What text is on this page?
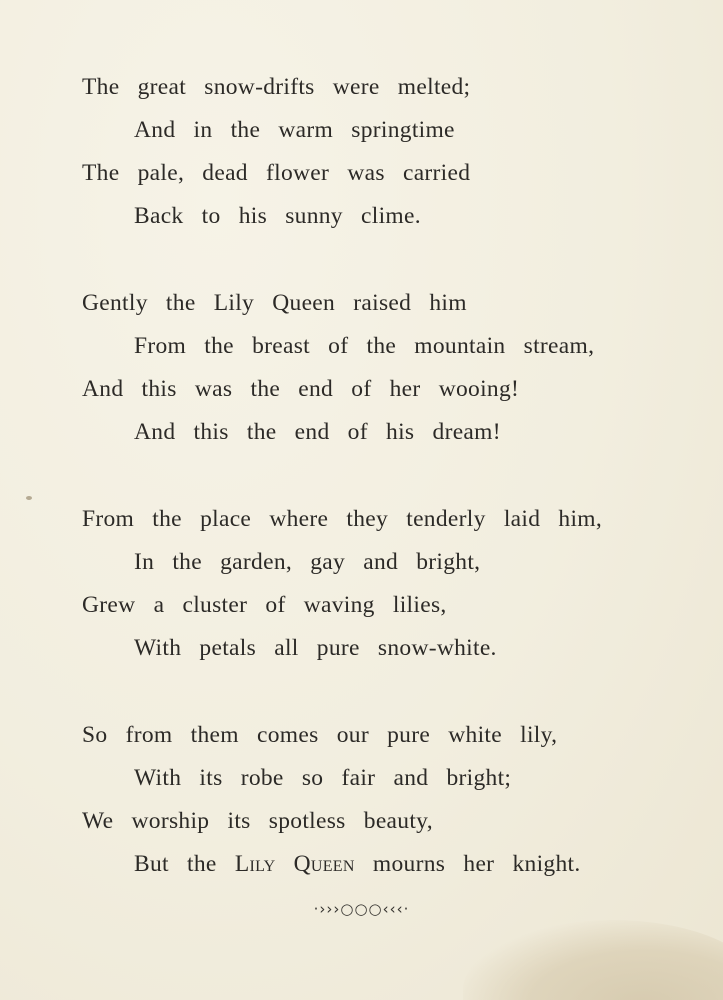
The great snow-drifts were melted;
And in the warm springtime
The pale, dead flower was carried
Back to his sunny clime.
Gently the Lily Queen raised him
From the breast of the mountain stream,
And this was the end of her wooing!
And this the end of his dream!
From the place where they tenderly laid him,
In the garden, gay and bright,
Grew a cluster of waving lilies,
With petals all pure snow-white.
So from them comes our pure white lily,
With its robe so fair and bright;
We worship its spotless beauty,
But the Lily Queen mourns her knight.
·›››○○○‹‹‹·
